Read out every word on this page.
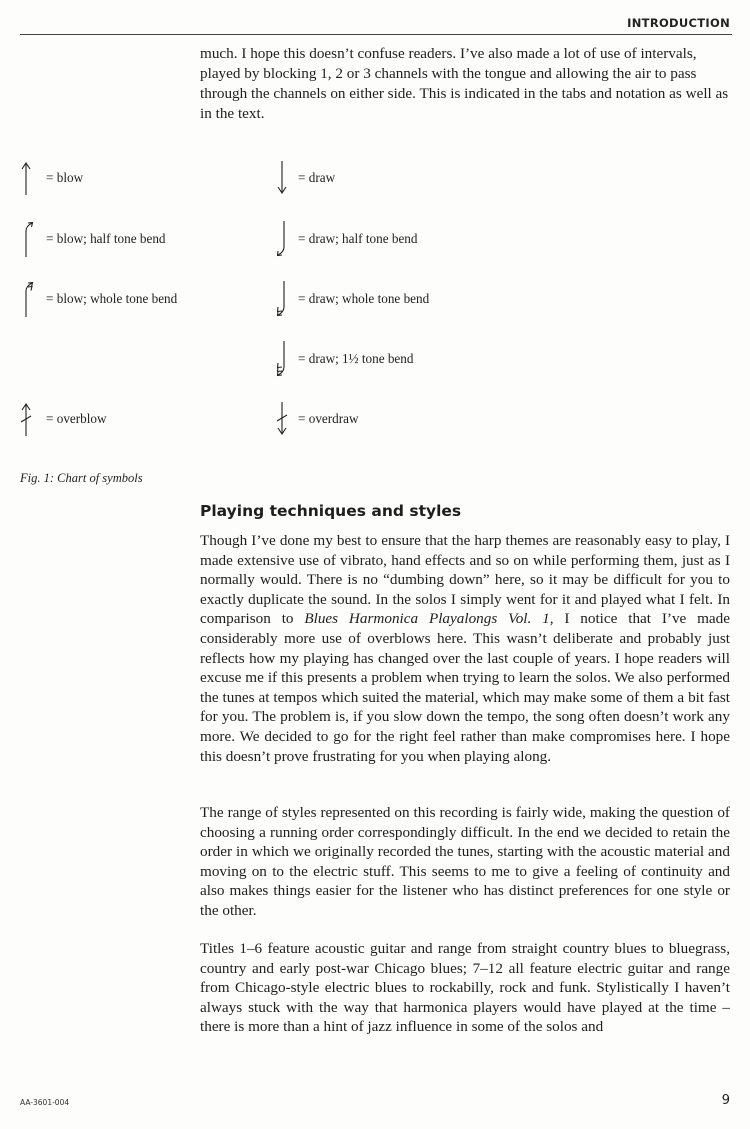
INTRODUCTION

much. I hope this doesn’t confuse readers. I’ve also made a lot of use of intervals, played by blocking 1, 2 or 3 channels with the tongue and allowing the air to pass through the channels on either side. This is indicated in the tabs and notation as well as in the text.

= blow
= blow; half tone bend
= blow; whole tone bend
= overblow
= draw
= draw; half tone bend
= draw; whole tone bend
= draw; 1½ tone bend
= overdraw
Fig. 1: Chart of symbols
Playing techniques and styles

Though I’ve done my best to ensure that the harp themes are reasonably easy to play, I made extensive use of vibrato, hand effects and so on while performing them, just as I normally would. There is no “dumbing down” here, so it may be difficult for you to exactly duplicate the sound. In the solos I simply went for it and played what I felt. In comparison to Blues Harmonica Playalongs Vol. 1, I notice that I’ve made considerably more use of overblows here. This wasn’t deliberate and probably just reflects how my playing has changed over the last couple of years. I hope readers will excuse me if this presents a problem when trying to learn the solos. We also performed the tunes at tempos which suited the material, which may make some of them a bit fast for you. The problem is, if you slow down the tempo, the song often doesn’t work any more. We decided to go for the right feel rather than make compromises here. I hope this doesn’t prove frustrating for you when playing along.

The range of styles represented on this recording is fairly wide, making the question of choosing a running order correspondingly difficult. In the end we decided to retain the order in which we originally recorded the tunes, starting with the acoustic material and moving on to the electric stuff. This seems to me to give a feeling of continuity and also makes things easier for the listener who has distinct preferences for one style or the other.

Titles 1–6 feature acoustic guitar and range from straight country blues to bluegrass, country and early post-war Chicago blues; 7–12 all feature electric guitar and range from Chicago-style electric blues to rockabilly, rock and funk. Stylistically I haven’t always stuck with the way that harmonica players would have played at the time – there is more than a hint of jazz influence in some of the solos and

AA-3601-004	9
